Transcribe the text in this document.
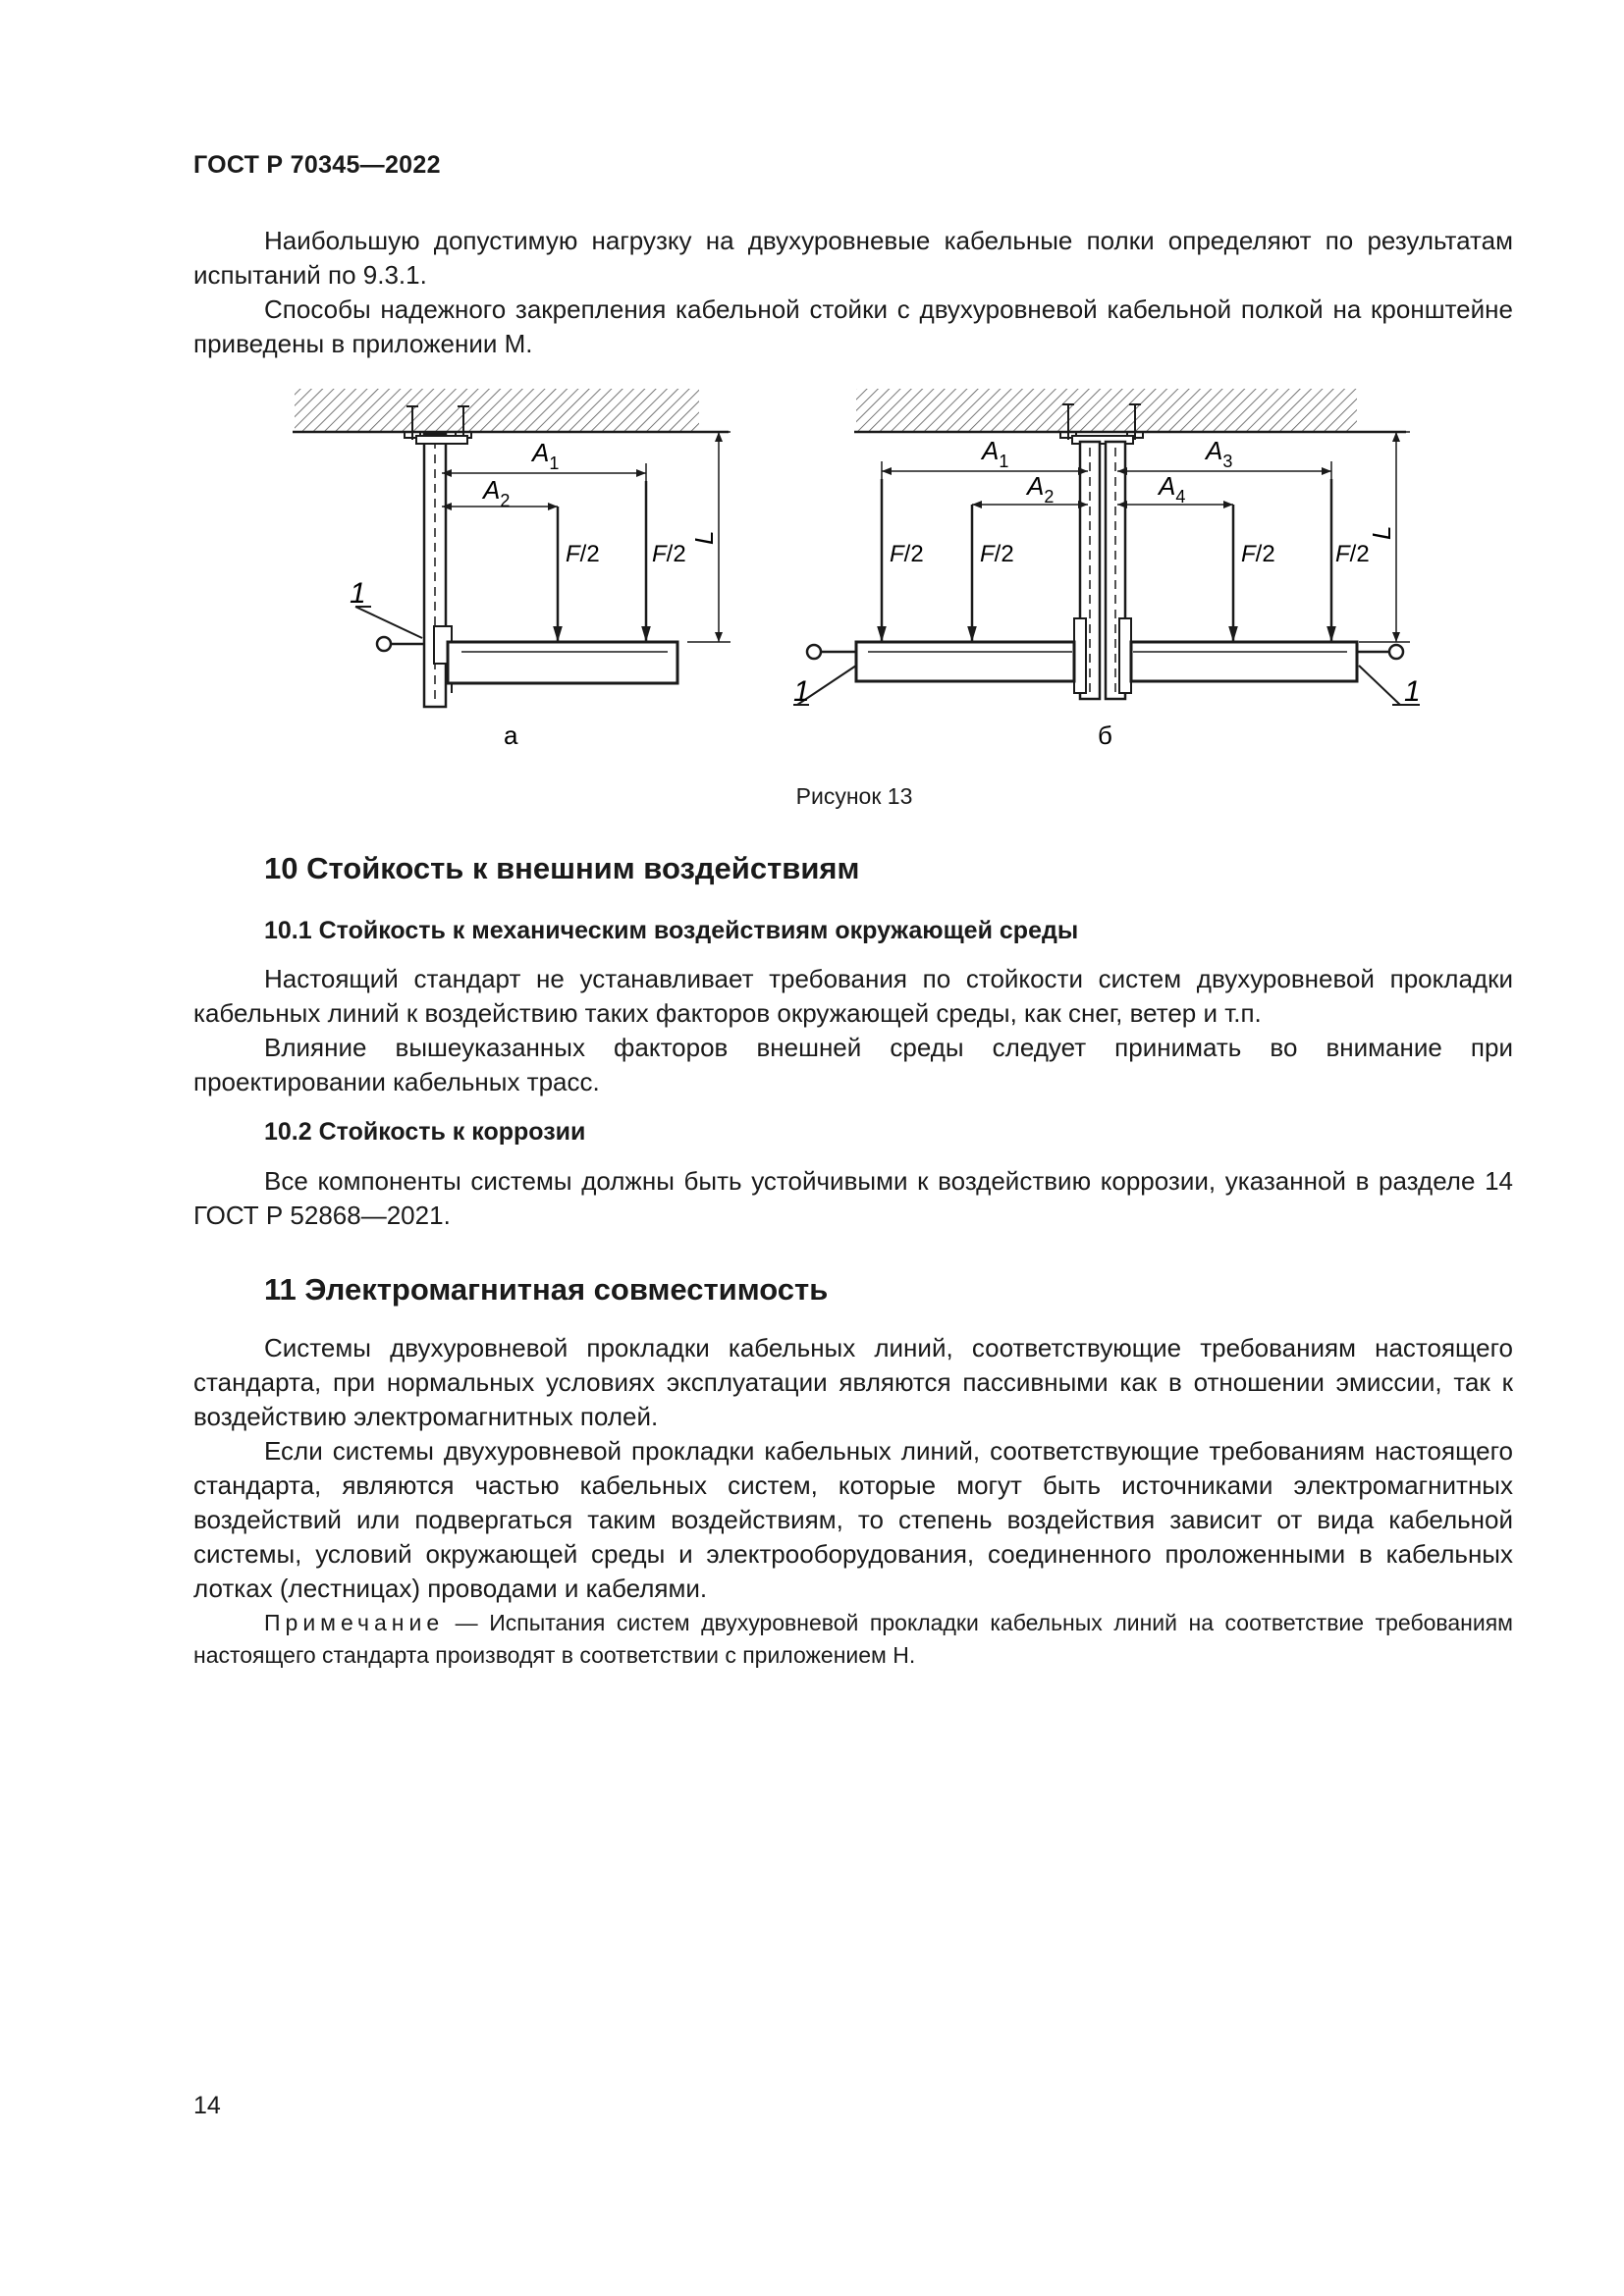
ГОСТ Р 70345—2022

Наибольшую допустимую нагрузку на двухуровневые кабельные полки определяют по результатам испытаний по 9.3.1.

Способы надежного закрепления кабельной стойки с двухуровневой кабельной полкой на кронштейне приведены в приложении М.

1
$A_1$
$A_2$
F/2 F/2
L
а
1	1
$A_1$
$A_2$
$A_3$
$A_4$
F/2 F/2	F/2	F/2
L
б
Рисунок 13
10 Стойкость к внешним воздействиям
10.1 Стойкость к механическим воздействиям окружающей среды

Настоящий стандарт не устанавливает требования по стойкости систем двухуровневой прокладки кабельных линий к воздействию таких факторов окружающей среды, как снег, ветер и т.п.

Влияние вышеуказанных факторов внешней среды следует принимать во внимание при проектировании кабельных трасс.

10.2 Стойкость к коррозии

Все компоненты системы должны быть устойчивыми к воздействию коррозии, указанной в разделе 14 ГОСТ Р 52868—2021.

11 Электромагнитная совместимость

Системы двухуровневой прокладки кабельных линий, соответствующие требованиям настоящего стандарта, при нормальных условиях эксплуатации являются пассивными как в отношении эмиссии, так к воздействию электромагнитных полей.

Если системы двухуровневой прокладки кабельных линий, соответствующие требованиям настоящего стандарта, являются частью кабельных систем, которые могут быть источниками электромагнитных воздействий или подвергаться таким воздействиям, то степень воздействия зависит от вида кабельной системы, условий окружающей среды и электрооборудования, соединенного проложенными в кабельных лотках (лестницах) проводами и кабелями.

Примечание — Испытания систем двухуровневой прокладки кабельных линий на соответствие требованиям настоящего стандарта производят в соответствии с приложением Н.

14
